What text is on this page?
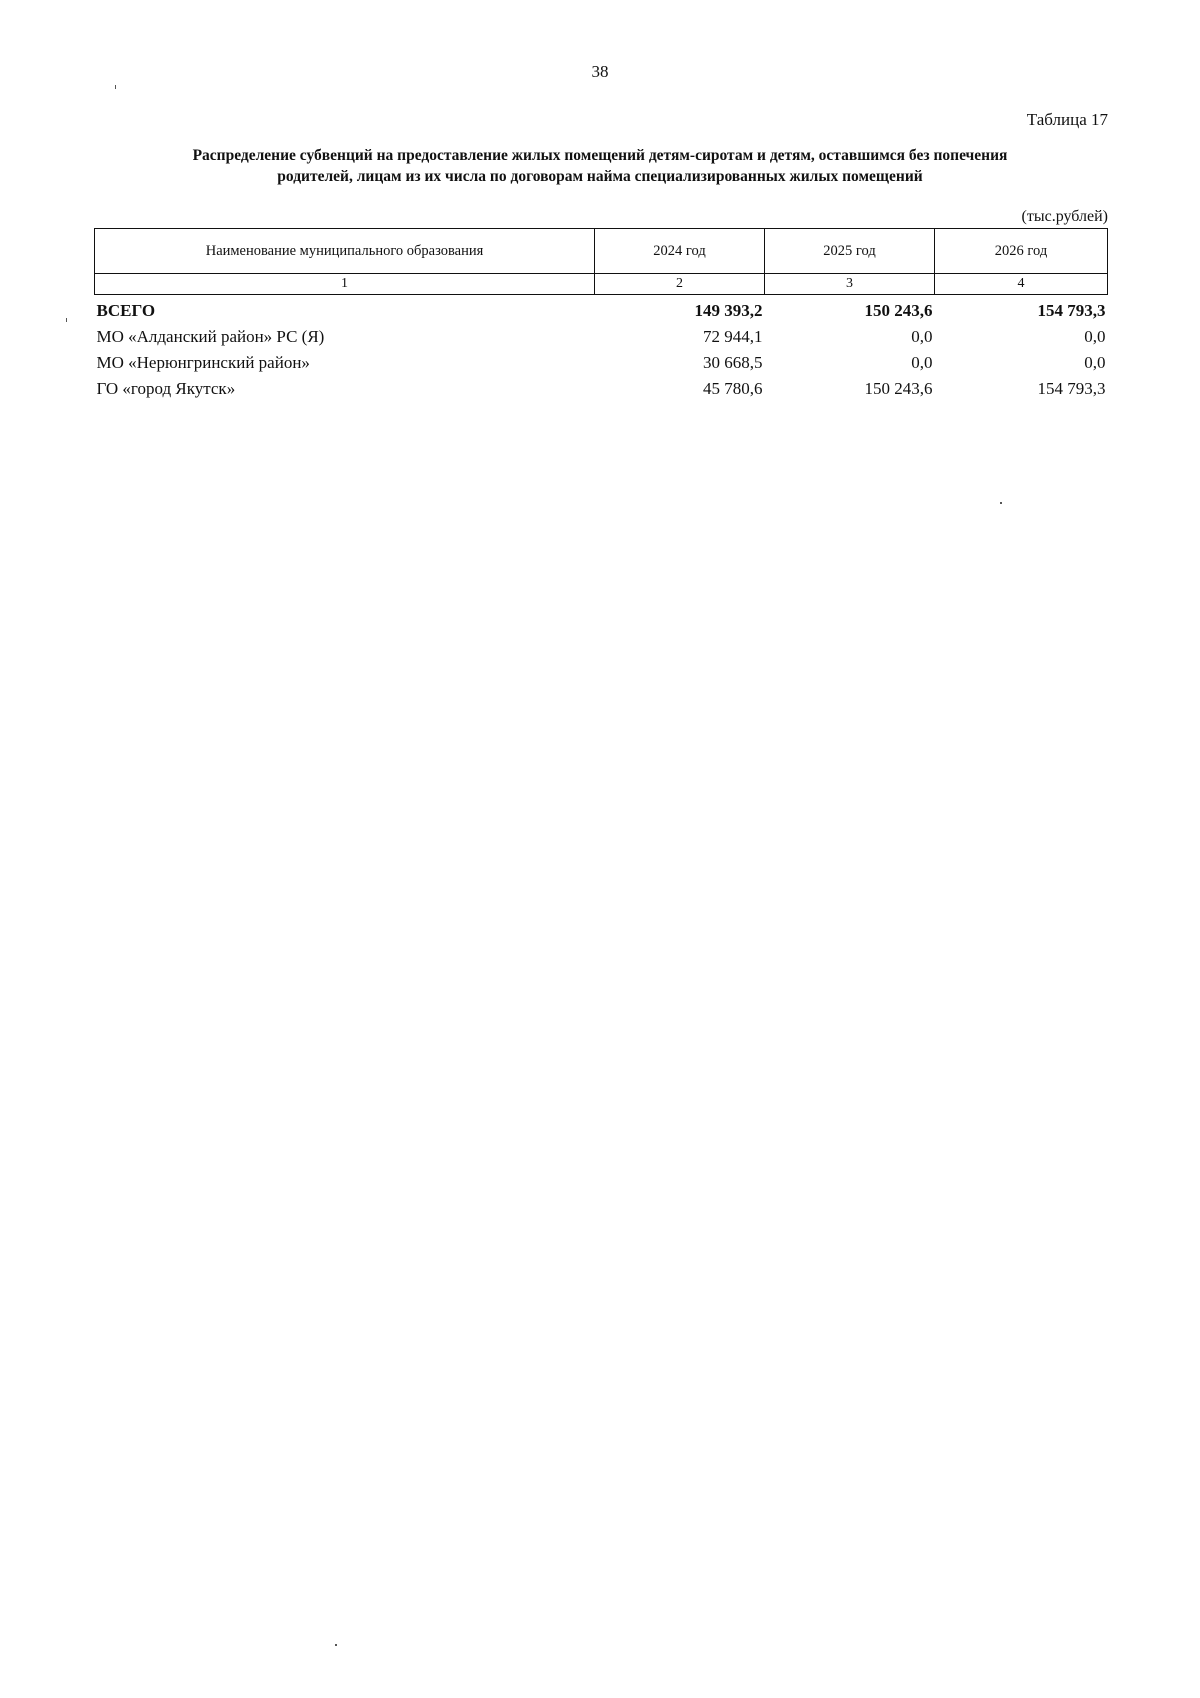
38
Таблица 17
Распределение субвенций на предоставление жилых помещений детям-сиротам и детям, оставшимся без попечения
родителей, лицам из их числа по договорам найма специализированных жилых помещений
(тыс.рублей)
Наименование муниципального образования	2024 год	2025 год	2026 год
1	2	3	4
ВСЕГО	149 393,2	150 243,6	154 793,3
МО «Алданский район» РС (Я)	72 944,1	0,0	0,0
МО «Нерюнгринский район»	30 668,5	0,0	0,0
ГО «город Якутск»	45 780,6	150 243,6	154 793,3
